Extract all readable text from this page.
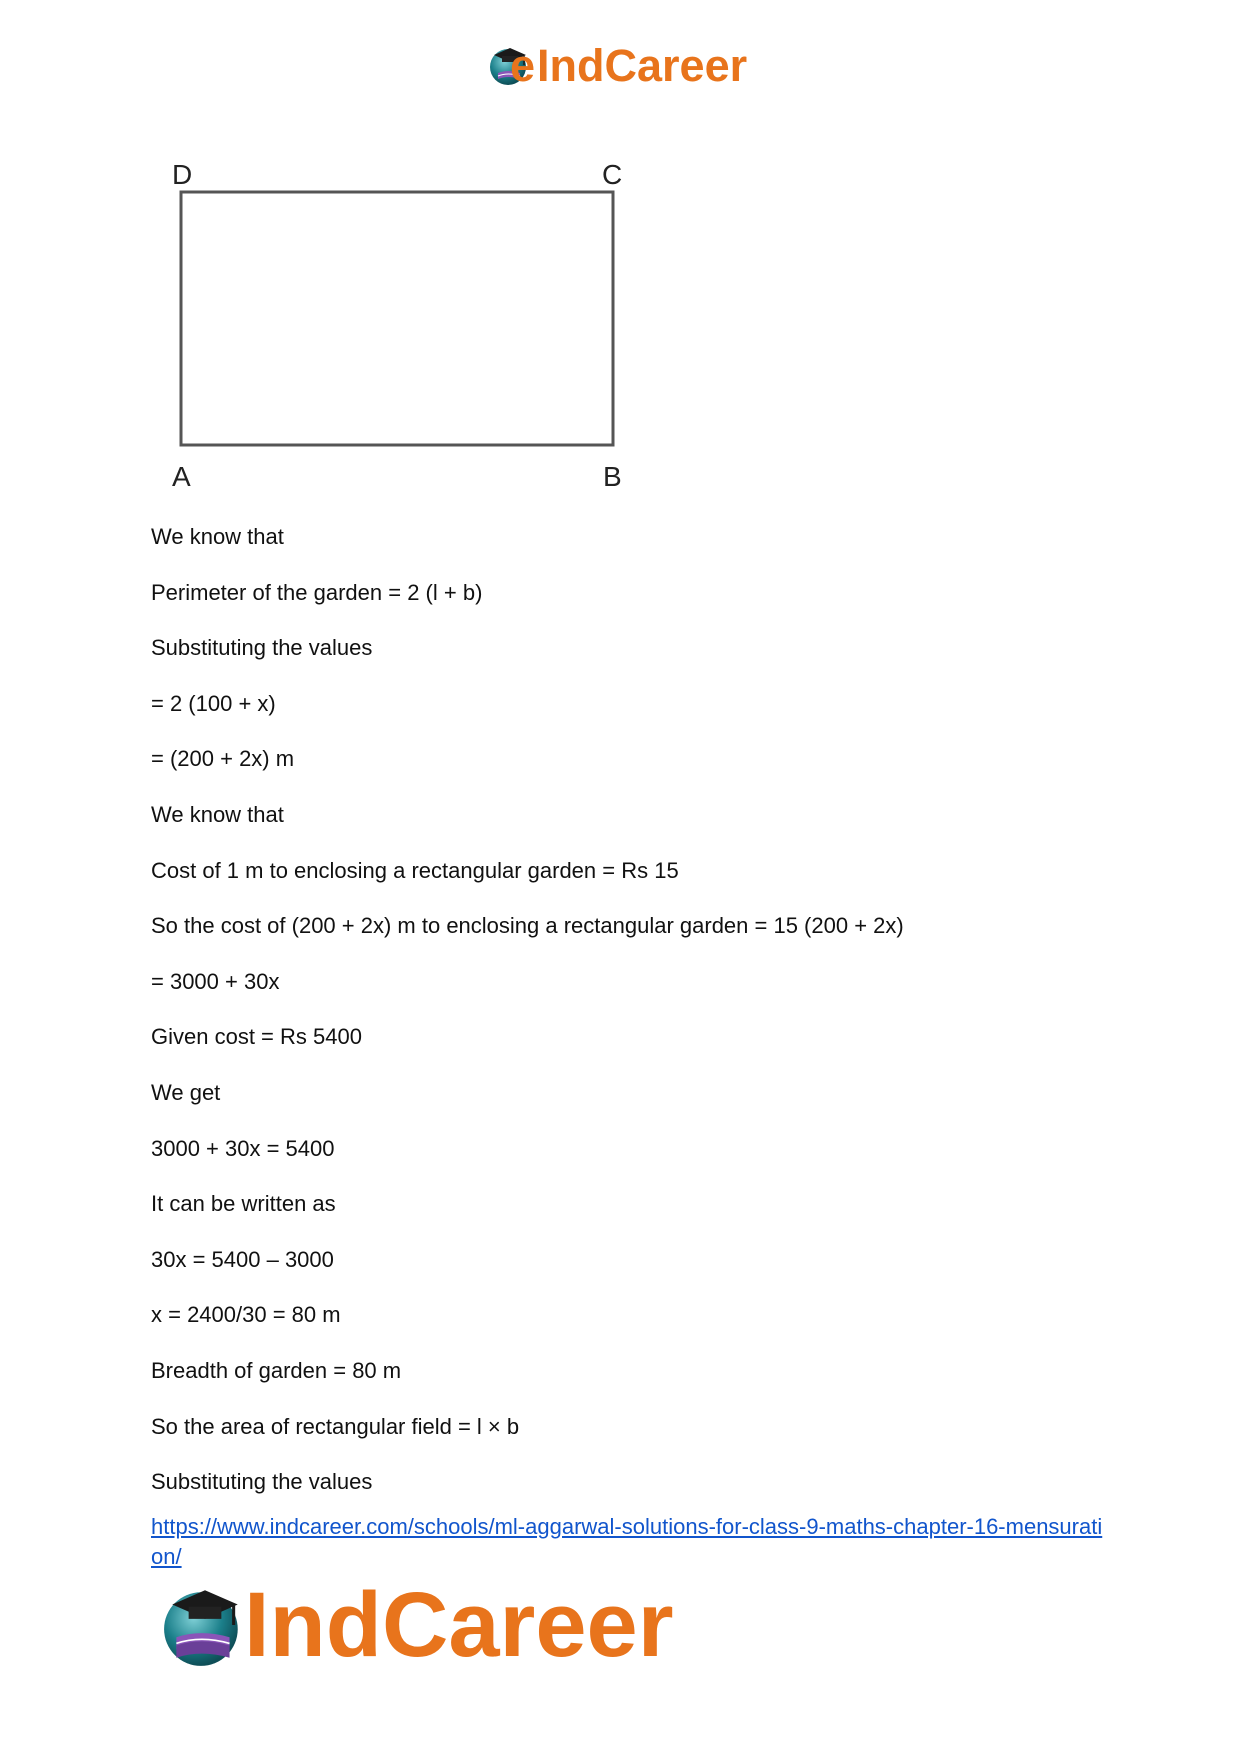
e IndCareer
D	C
A	B
We know that
Perimeter of the garden = 2 (l + b)
Substituting the values
= 2 (100 + x)
= (200 + 2x) m
We know that
Cost of 1 m to enclosing a rectangular garden = Rs 15
So the cost of (200 + 2x) m to enclosing a rectangular garden = 15 (200 + 2x)
= 3000 + 30x
Given cost = Rs 5400
We get
3000 + 30x = 5400
It can be written as
30x = 5400 – 3000
x = 2400/30 = 80 m
Breadth of garden = 80 m
So the area of rectangular field = l × b
Substituting the values
https://www.indcareer.com/schools/ml-aggarwal-solutions-for-class-9-maths-chapter-16-mensuration/
IndCareer
